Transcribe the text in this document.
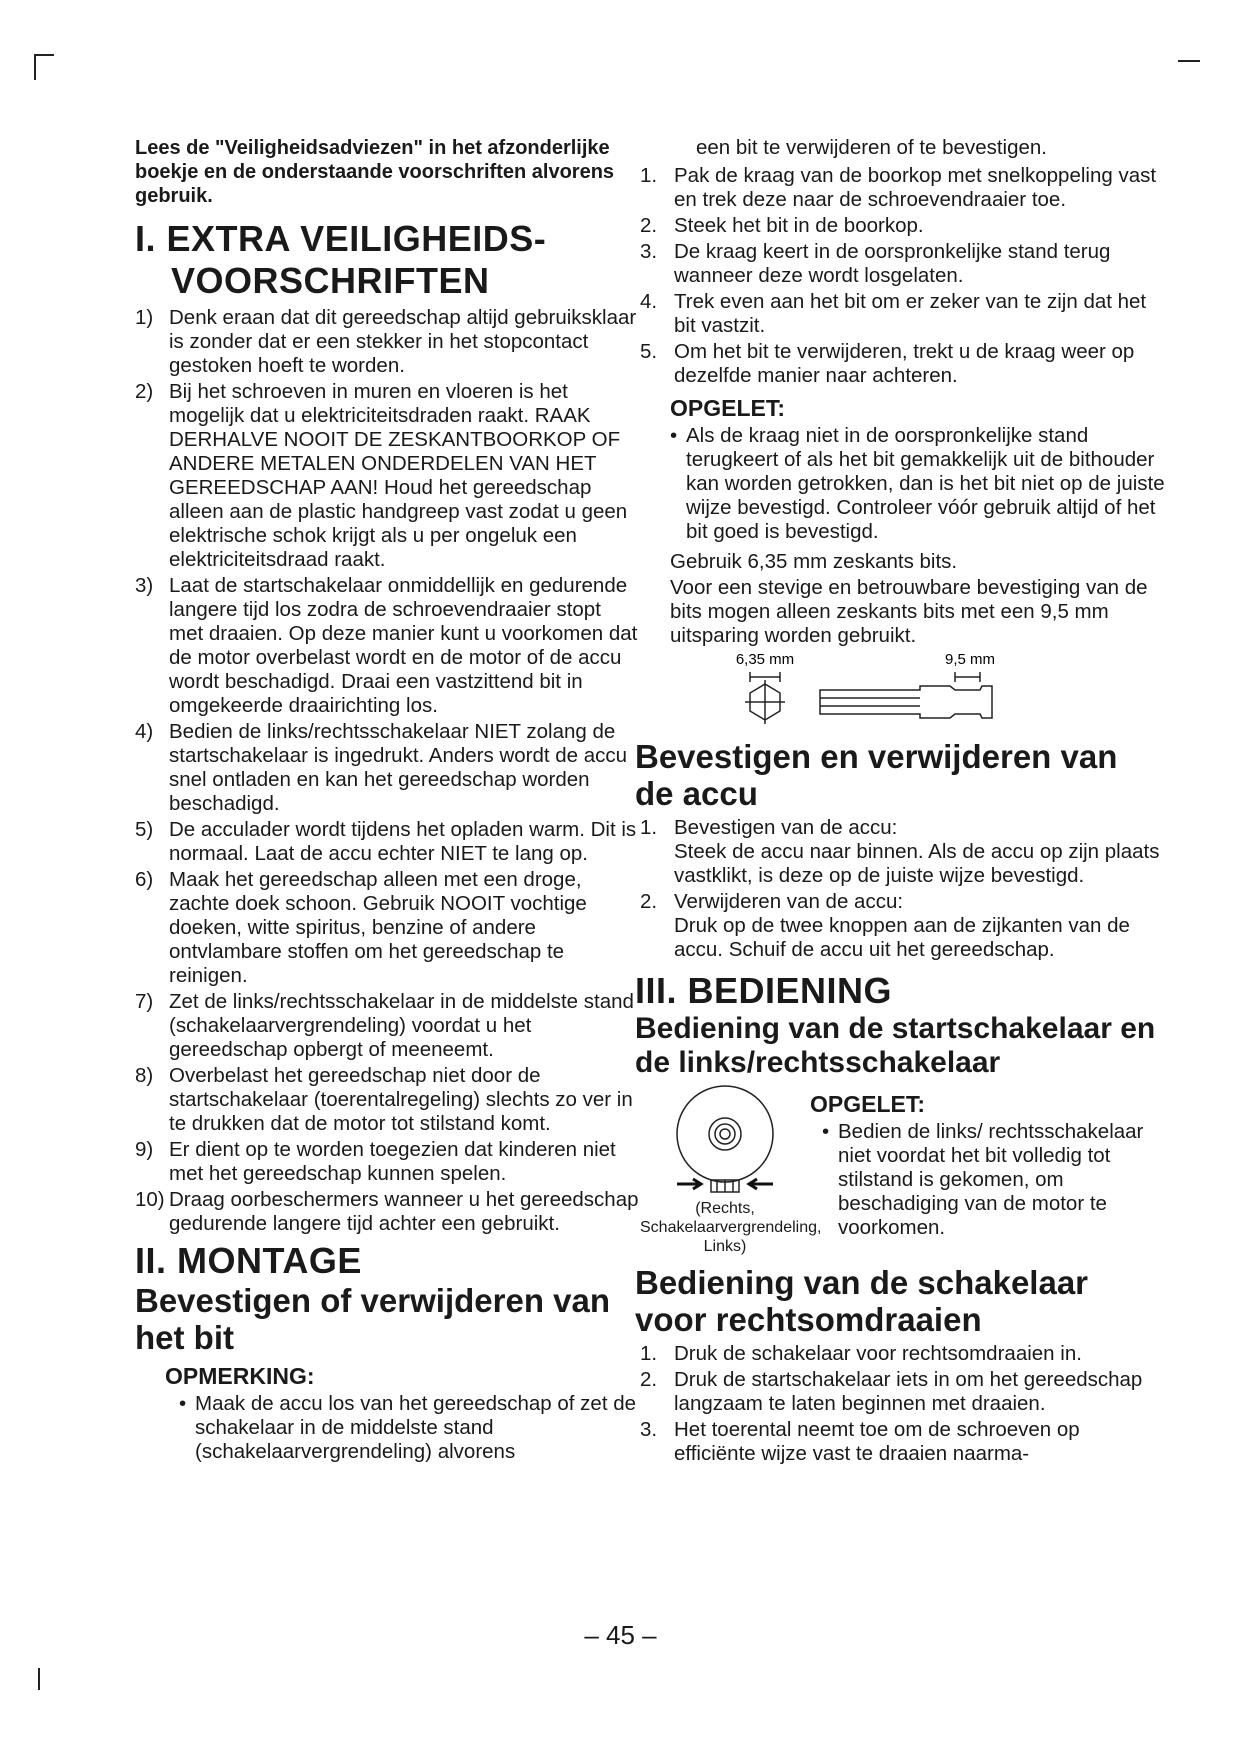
Lees de "Veiligheidsadviezen" in het afzonderlijke boekje en de onderstaande voorschriften alvorens gebruik.

I. EXTRA VEILIGHEIDS-
VOORSCHRIFTEN
1) Denk eraan dat dit gereedschap altijd gebruiksklaar is zonder dat er een stekker in het stopcontact gestoken hoeft te worden.
2) Bij het schroeven in muren en vloeren is het mogelijk dat u elektriciteitsdraden raakt. RAAK DERHALVE NOOIT DE ZESKANTBOORKOP OF ANDERE METALEN ONDERDELEN VAN HET GEREEDSCHAP AAN! Houd het gereedschap alleen aan de plastic handgreep vast zodat u geen elektrische schok krijgt als u per ongeluk een elektriciteitsdraad raakt.
3) Laat de startschakelaar onmiddellijk en gedurende langere tijd los zodra de schroevendraaier stopt met draaien. Op deze manier kunt u voorkomen dat de motor overbelast wordt en de motor of de accu wordt beschadigd. Draai een vastzittend bit in omgekeerde draairichting los.
4) Bedien de links/rechtsschakelaar NIET zolang de startschakelaar is ingedrukt. Anders wordt de accu snel ontladen en kan het gereedschap worden beschadigd.
5) De acculader wordt tijdens het opladen warm. Dit is normaal. Laat de accu echter NIET te lang op.
6) Maak het gereedschap alleen met een droge, zachte doek schoon. Gebruik NOOIT vochtige doeken, witte spiritus, benzine of andere ontvlambare stoffen om het gereedschap te reinigen.
7) Zet de links/rechtsschakelaar in de middelste stand (schakelaarvergrendeling) voordat u het gereedschap opbergt of meeneemt.
8) Overbelast het gereedschap niet door de startschakelaar (toerentalregeling) slechts zo ver in te drukken dat de motor tot stilstand komt.
9) Er dient op te worden toegezien dat kinderen niet met het gereedschap kunnen spelen.
10) Draag oorbeschermers wanneer u het gereedschap gedurende langere tijd achter een gebruikt.
II. MONTAGE
Bevestigen of verwijderen van het bit
OPMERKING:
• Maak de accu los van het gereedschap of zet de schakelaar in de middelste stand (schakelaarvergrendeling) alvorens

een bit te verwijderen of te bevestigen.

1. Pak de kraag van de boorkop met snelkoppeling vast en trek deze naar de schroevendraaier toe.
2. Steek het bit in de boorkop.
3. De kraag keert in de oorspronkelijke stand terug wanneer deze wordt losgelaten.
4. Trek even aan het bit om er zeker van te zijn dat het bit vastzit.
5. Om het bit te verwijderen, trekt u de kraag weer op dezelfde manier naar achteren.
OPGELET:
• Als de kraag niet in de oorspronkelijke stand terugkeert of als het bit gemakkelijk uit de bithouder kan worden getrokken, dan is het bit niet op de juiste wijze bevestigd. Controleer vóór gebruik altijd of het bit goed is bevestigd.

Gebruik 6,35 mm zeskants bits.

Voor een stevige en betrouwbare bevestiging van de bits mogen alleen zeskants bits met een 9,5 mm uitsparing worden gebruikt.

6,35 mm	9,5 mm
Bevestigen en verwijderen van de accu
1. Bevestigen van de accu:
Steek de accu naar binnen. Als de accu op zijn plaats vastklikt, is deze op de juiste wijze bevestigd.
2. Verwijderen van de accu:
Druk op de twee knoppen aan de zijkanten van de accu. Schuif de accu uit het gereedschap.
III. BEDIENING
Bediening van de startschakelaar en de links/rechtsschakelaar
(Rechts, Schakelaarvergrendeling, Links)
OPGELET:
• Bedien de links/ rechtsschakelaar niet voordat het bit volledig tot stilstand is gekomen, om beschadiging van de motor te voorkomen.
Bediening van de schakelaar voor rechtsomdraaien
1. Druk de schakelaar voor rechtsomdraaien in.
2. Druk de startschakelaar iets in om het gereedschap langzaam te laten beginnen met draaien.
3. Het toerental neemt toe om de schroeven op efficiënte wijze vast te draaien naarma-
– 45 –
